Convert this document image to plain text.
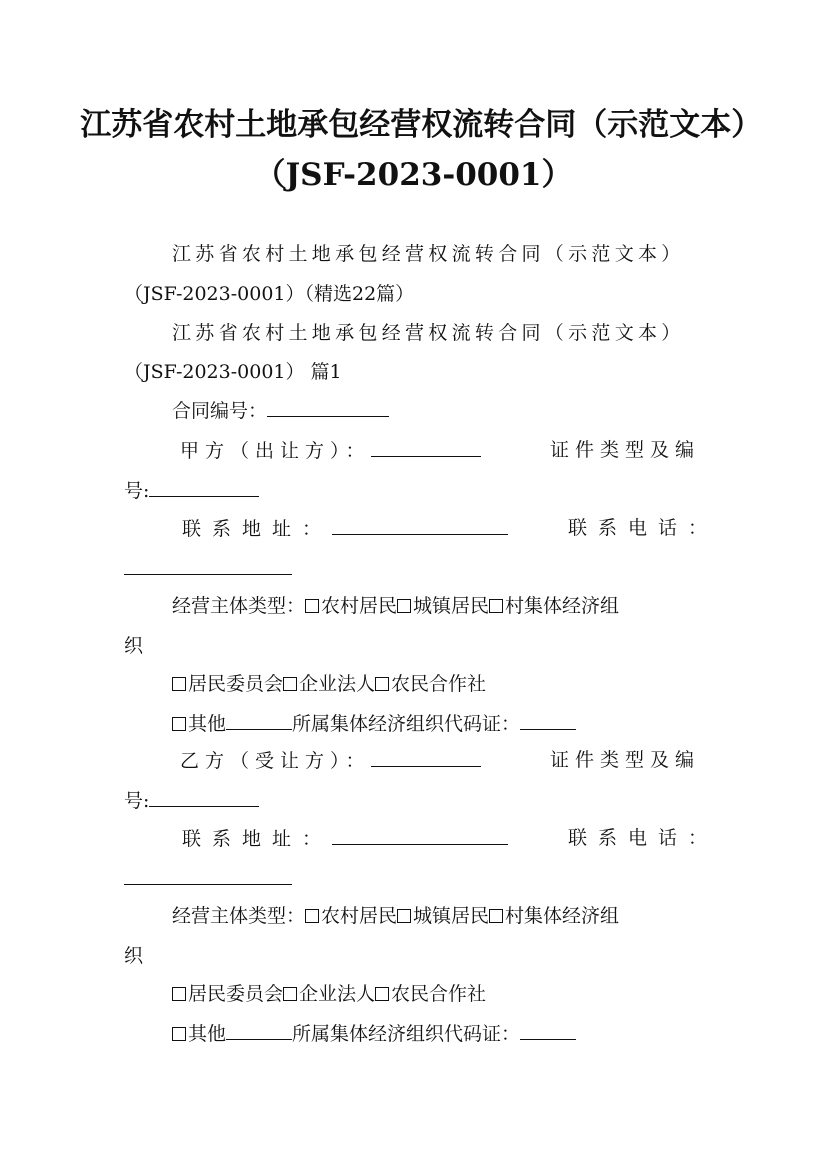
江苏省农村土地承包经营权流转合同（示范文本）（JSF-2023-0001）
江苏省农村土地承包经营权流转合同（示范文本）
（JSF-2023-0001）（精选22篇）
江苏省农村土地承包经营权流转合同（示范文本）
（JSF-2023-0001） 篇1
合同编号：
甲方（出让方）：	证件类型及编
号:
联系地址：	联系电话：
经营主体类型： 农村居民 城镇居民 村集体经济组
织
居民委员会 企业法人 农民合作社
其他	所属集体经济组织代码证：
乙方（受让方）：	证件类型及编
号:
联系地址：	联系电话：
经营主体类型： 农村居民 城镇居民 村集体经济组
织
居民委员会 企业法人 农民合作社
其他	所属集体经济组织代码证：
